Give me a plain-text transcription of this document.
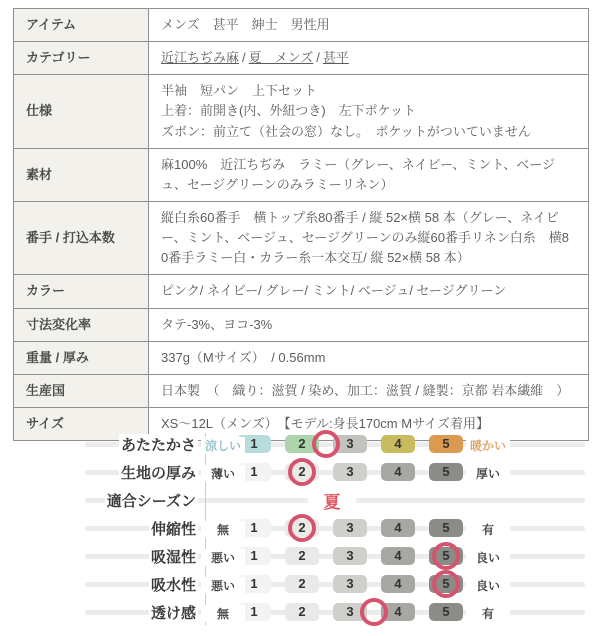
アイテム	メンズ　甚平　紳士　男性用
カテゴリー	近江ちぢみ麻 / 夏　メンズ / 甚平
仕様	半袖　短パン　上下セット
上着：前開き(内、外紐つき)　左下ポケット
ズボン：前立て（社会の窓）なし。　ポケットがついていません

素材	麻100%　近江ちぢみ　ラミー（グレー、ネイビー、ミント、ベージュ、セージグリーンのみラミーリネン）
番手 / 打込本数	縦白糸60番手　横トップ糸80番手 / 縦 52×横 58 本（グレー、ネイビー、ミント、ベージュ、セージグリーンのみ縦60番手リネン白糸　横80番手ラミー白・カラー糸一本交互/ 縦 52×横 58 本）
カラー	ピンク/ ネイビー/ グレー/ ミント/ ベージュ/ セージグリーン
寸法変化率	タテ-3%、ヨコ-3%
重量 / 厚み	337g（Mサイズ）　/ 0.56mm
生産国	日本製　（　織り：滋賀 / 染め、加工：滋賀 / 縫製：京都 岩本繊維　）
サイズ	XS〜12L（メンズ）　【モデル:身長170cm Mサイズ着用】
あたたかさ 涼しい 1	2	3	4	5	暖かい
生地の厚み	薄い	1	2	3	4	5	厚い
適合シーズン	夏
伸縮性	無	1	2	3	4	5	有
吸湿性	悪い	1	2	3	4	5	良い
吸水性	悪い	1	2	3	4	5	良い
透け感	無	1	2	3	4	5	有
